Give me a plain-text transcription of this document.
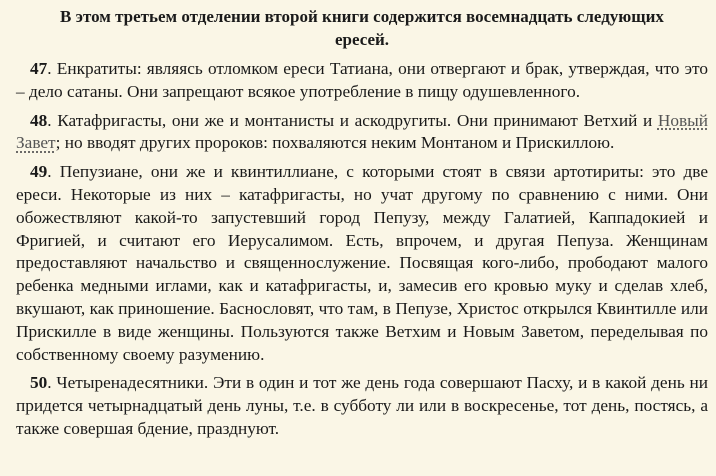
В этом третьем отделении второй книги содержится восемнадцать следующих ересей.

47. Енкратиты: являясь отломком ереси Татиана, они отвергают и брак, утверждая, что это – дело сатаны. Они запрещают всякое употребление в пищу одушевленного.

48. Катафригасты, они же и монтанисты и аскодругиты. Они принимают Ветхий и Новый Завет; но вводят других пророков: похваляются неким Монтаном и Прискиллою.

49. Пепузиане, они же и квинтиллиане, с которыми стоят в связи артотириты: это две ереси. Некоторые из них – катафригасты, но учат другому по сравнению с ними. Они обожествляют какой-то запустевший город Пепузу, между Галатией, Каппадокией и Фригией, и считают его Иерусалимом. Есть, впрочем, и другая Пепуза. Женщинам предоставляют начальство и священнослужение. Посвящая кого-либо, прободают малого ребенка медными иглами, как и катафригасты, и, замесив его кровью муку и сделав хлеб, вкушают, как приношение. Баснословят, что там, в Пепузе, Христос открылся Квинтилле или Прискилле в виде женщины. Пользуются также Ветхим и Новым Заветом, переделывая по собственному своему разумению.

50. Четыренадесятники. Эти в один и тот же день года совершают Пасху, и в какой день ни придется четырнадцатый день луны, т.е. в субботу ли или в воскресенье, тот день, постясь, а также совершая бдение, празднуют.
